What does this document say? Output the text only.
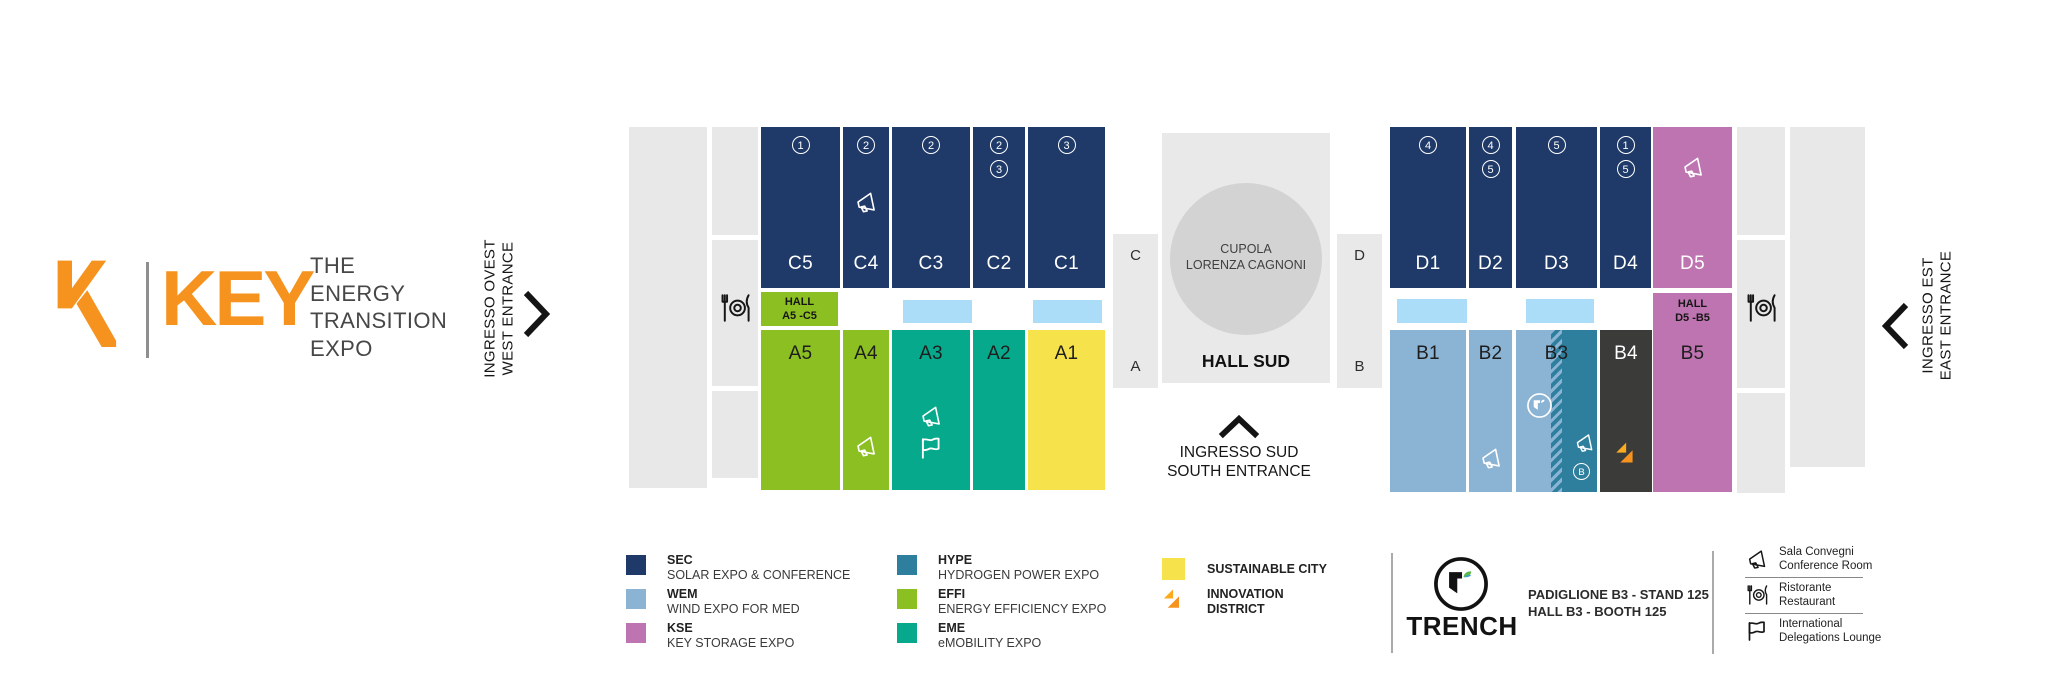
KEY
THE
ENERGY
TRANSITION
EXPO	INGRESSO OVEST WEST ENTRANCE
1
C5
2
C4
2
C3
2
3
C2
3
C1
HALL
A5 -C5
A5	A4	A3	A2	A1
C
A
CUPOLA
LORENZA CAGNONI
HALL SUD
D
B
INGRESSO SUD
SOUTH ENTRANCE
4
D1
4
5
D2
5
D3
1
5
D4	D5
HALL
D5 -B5
B1	B2	B3
B
B4	B5	INGRESSO EST EAST ENTRANCE
SEC
SOLAR EXPO & CONFERENCE
WEM
WIND EXPO FOR MED
KSE
KEY STORAGE EXPO
HYPE
HYDROGEN POWER EXPO
EFFI
ENERGY EFFICIENCY EXPO
EME
eMOBILITY EXPO
SUSTAINABLE CITY
INNOVATION
DISTRICT
TRENCH
PADIGLIONE B3 - STAND 125
HALL B3 - BOOTH 125
Sala Convegni
Conference Room
Ristorante
Restaurant
International
Delegations Lounge
